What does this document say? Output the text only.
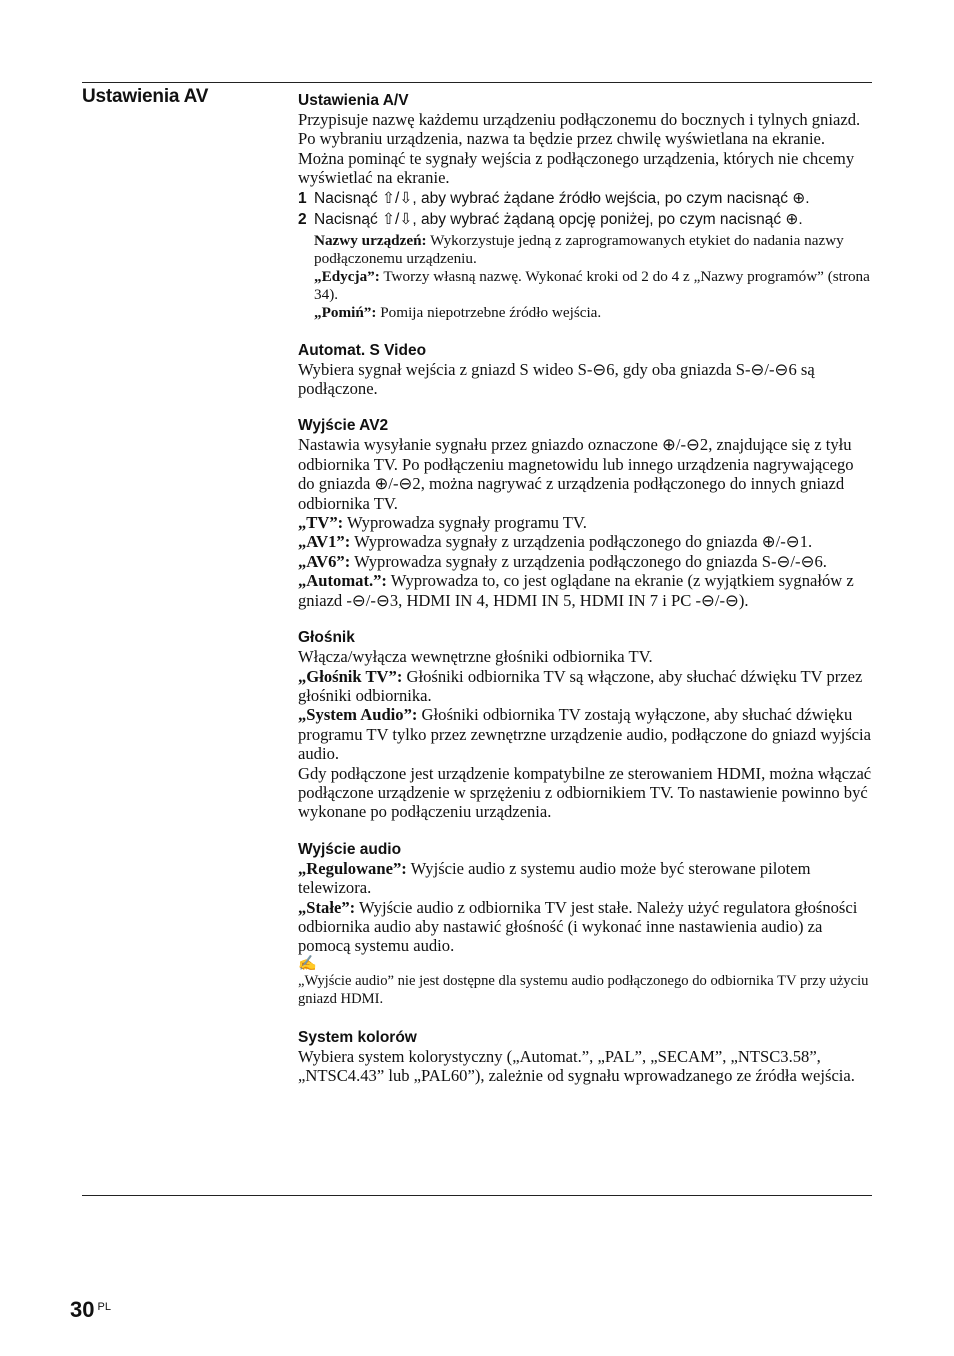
Ustawienia AV	Ustawienia A/V

Przypisuje nazwę każdemu urządzeniu podłączonemu do bocznych i tylnych gniazd. Po wybraniu urządzenia, nazwa ta będzie przez chwilę wyświetlana na ekranie. Można pominąć te sygnały wejścia z podłączonego urządzenia, których nie chcemy wyświetlać na ekranie.

1 Nacisnąć ⇧/⇩, aby wybrać żądane źródło wejścia, po czym nacisnąć ⊕.

2 Nacisnąć ⇧/⇩, aby wybrać żądaną opcję poniżej, po czym nacisnąć ⊕.

Nazwy urządzeń: Wykorzystuje jedną z zaprogramowanych etykiet do nadania nazwy podłączonemu urządzeniu.
„Edycja”: Tworzy własną nazwę. Wykonać kroki od 2 do 4 z „Nazwy programów” (strona 34).
„Pomiń”: Pomija niepotrzebne źródło wejścia.

Automat. S Video

Wybiera sygnał wejścia z gniazd S wideo S-⊖6, gdy oba gniazda S-⊖/-⊖6 są podłączone.

Wyjście AV2

Nastawia wysyłanie sygnału przez gniazdo oznaczone ⊕/-⊖2, znajdujące się z tyłu odbiornika TV. Po podłączeniu magnetowidu lub innego urządzenia nagrywającego do gniazda ⊕/-⊖2, można nagrywać z urządzenia podłączonego do innych gniazd odbiornika TV.

„TV”: Wyprowadza sygnały programu TV.

„AV1”: Wyprowadza sygnały z urządzenia podłączonego do gniazda ⊕/-⊖1.

„AV6”: Wyprowadza sygnały z urządzenia podłączonego do gniazda S-⊖/-⊖6.

„Automat.”: Wyprowadza to, co jest oglądane na ekranie (z wyjątkiem sygnałów z gniazd -⊖/-⊖3, HDMI IN 4, HDMI IN 5, HDMI IN 7 i PC -⊖/-⊖).

Głośnik

Włącza/wyłącza wewnętrzne głośniki odbiornika TV.

„Głośnik TV”: Głośniki odbiornika TV są włączone, aby słuchać dźwięku TV przez głośniki odbiornika.

„System Audio”: Głośniki odbiornika TV zostają wyłączone, aby słuchać dźwięku programu TV tylko przez zewnętrzne urządzenie audio, podłączone do gniazd wyjścia audio.

Gdy podłączone jest urządzenie kompatybilne ze sterowaniem HDMI, można włączać podłączone urządzenie w sprzężeniu z odbiornikiem TV. To nastawienie powinno być wykonane po podłączeniu urządzenia.

Wyjście audio

„Regulowane”: Wyjście audio z systemu audio może być sterowane pilotem telewizora.

„Stałe”: Wyjście audio z odbiornika TV jest stałe. Należy użyć regulatora głośności odbiornika audio aby nastawić głośność (i wykonać inne nastawienia audio) za pomocą systemu audio.

✍

„Wyjście audio” nie jest dostępne dla systemu audio podłączonego do odbiornika TV przy użyciu gniazd HDMI.

System kolorów

Wybiera system kolorystyczny („Automat.”, „PAL”, „SECAM”, „NTSC3.58”, „NTSC4.43” lub „PAL60”), zależnie od sygnału wprowadzanego ze źródła wejścia.

30 $^{PL}$
